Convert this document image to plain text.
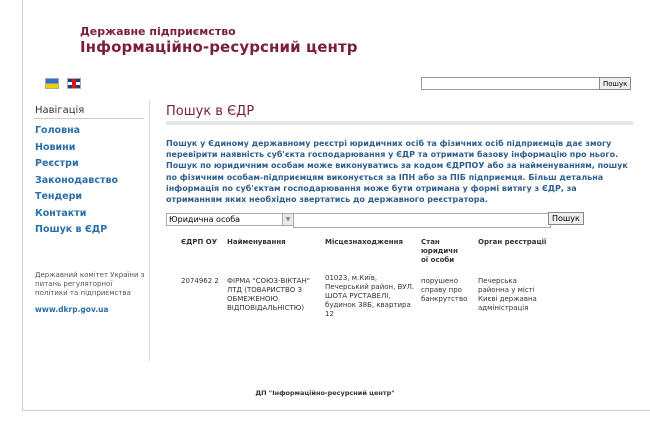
Державне підприємство
Інформаційно-ресурсний центр
Пошук
Навігація
Головна
Новини
Реєстри
Законодавство
Тендери
Контакти
Пошук в ЄДР
Державний комітет України з питань регуляторної політики та підприємства
www.dkrp.gov.ua
Пошук в ЄДР
Пошук у Єдиному державному реєстрі юридичних осіб та фізичних осіб підприємців дає змогу перевірити наявність суб'єкта господарювання у ЄДР та отримати базову інформацію про нього. Пошук по юридичним особам може виконуватись за кодом ЄДРПОУ або за найменуванням, пошук по фізичним особам-підприємцям виконується за ІПН або за ПІБ підприємця. Більш детальна інформація по суб'єктам господарювання може бути отримана у формі витягу з ЄДР, за отриманням яких необхідно звертатись до державного реєстратора.
Юридична особа	▼	Пошук
ЄДРП ОУ	Найменування	Місцезнаходження	Стан юридичн ої особи	Орган реєстрації
2074962 2	ФІРМА "СОЮЗ-ВІКТАН" ЛТД (ТОВАРИСТВО З ОБМЕЖЕНОЮ ВІДПОВІДАЛЬНІСТЮ)	01023, м.Київ, Печерський район, ВУЛ. ШОТА РУСТАВЕЛІ, будинок 38Б, квартира 12	порушено справу про банкрутство	Печерська районна у місті Києві державна адміністрація
ДП "Інформаційно-ресурсний центр"
